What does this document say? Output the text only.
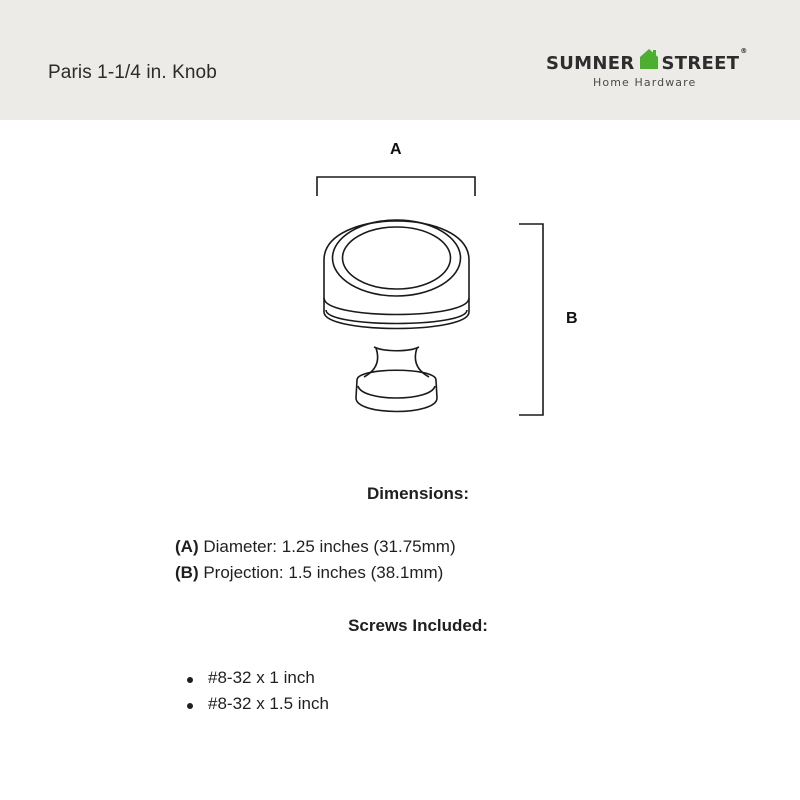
Paris 1-1/4 in. Knob	SUMNER STREET®
Home Hardware
A
B
Dimensions:
(A) Diameter: 1.25 inches (31.75mm)
(B) Projection: 1.5 inches (38.1mm)
Screws Included:
#8-32 x 1 inch
#8-32 x 1.5 inch
